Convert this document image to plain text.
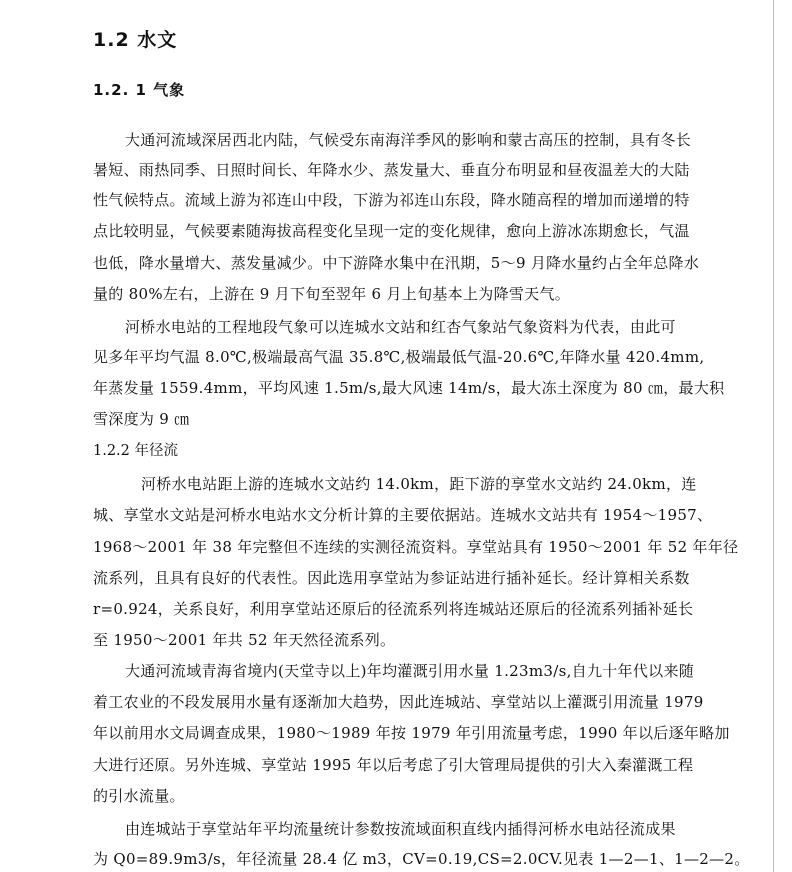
1.2 水文
1.2. 1 气象
大通河流域深居西北内陆，气候受东南海洋季风的影响和蒙古高压的控制，具有冬长
暑短、雨热同季、日照时间长、年降水少、蒸发量大、垂直分布明显和昼夜温差大的大陆
性气候特点。流域上游为祁连山中段，下游为祁连山东段，降水随高程的增加而递增的特
点比较明显，气候要素随海拔高程变化呈现一定的变化规律，愈向上游冰冻期愈长，气温
也低，降水量增大、蒸发量减少。中下游降水集中在汛期，5～9 月降水量约占全年总降水
量的 80%左右，上游在 9 月下旬至翌年 6 月上旬基本上为降雪天气。
河桥水电站的工程地段气象可以连城水文站和红杏气象站气象资料为代表，由此可
见多年平均气温 8.0℃,极端最高气温 35.8℃,极端最低气温-20.6℃,年降水量 420.4mm,
年蒸发量 1559.4mm，平均风速 1.5m/s,最大风速 14m/s，最大冻土深度为 80 ㎝，最大积
雪深度为 9 ㎝
1.2.2 年径流
河桥水电站距上游的连城水文站约 14.0km，距下游的享堂水文站约 24.0km，连
城、享堂水文站是河桥水电站水文分析计算的主要依据站。连城水文站共有 1954～1957、
1968～2001 年 38 年完整但不连续的实测径流资料。享堂站具有 1950～2001 年 52 年年径
流系列，且具有良好的代表性。因此选用享堂站为参证站进行插补延长。经计算相关系数
r=0.924，关系良好，利用享堂站还原后的径流系列将连城站还原后的径流系列插补延长
至 1950～2001 年共 52 年天然径流系列。
大通河流域青海省境内(天堂寺以上)年均灌溉引用水量 1.23m3/s,自九十年代以来随
着工农业的不段发展用水量有逐渐加大趋势，因此连城站、享堂站以上灌溉引用流量 1979
年以前用水文局调查成果，1980～1989 年按 1979 年引用流量考虑，1990 年以后逐年略加
大进行还原。另外连城、享堂站 1995 年以后考虑了引大管理局提供的引大入秦灌溉工程
的引水流量。
由连城站于享堂站年平均流量统计参数按流域面积直线内插得河桥水电站径流成果
为 Q0=89.9m3/s，年径流量 28.4 亿 m3，CV=0.19,CS=2.0CV.见表 1—2—1、1—2—2。
